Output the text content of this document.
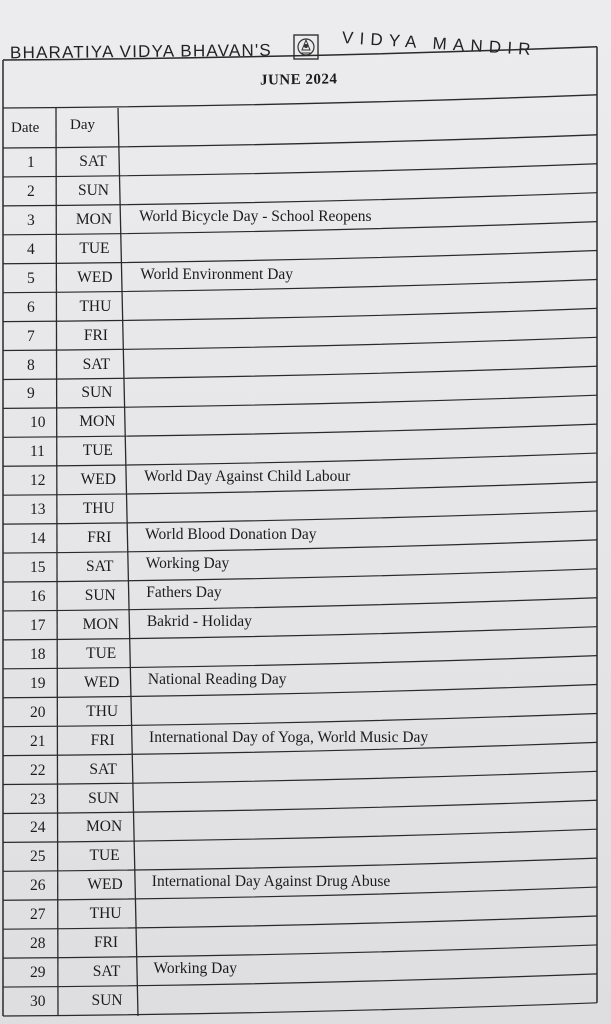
BHARATIYA VIDYA BHAVAN'S	VIDYA MANDIR
JUNE 2024
Date Day
1	SAT
2	SUN
3	MON	World Bicycle Day - School Reopens
4	TUE
5	WED	World Environment Day
6	THU
7	FRI
8	SAT
9	SUN
10	MON
11	TUE
12	WED	World Day Against Child Labour
13	THU
14	FRI	World Blood Donation Day
15	SAT	Working Day
16	SUN	Fathers Day
17	MON	Bakrid - Holiday
18	TUE
19	WED	National Reading Day
20	THU
21	FRI	International Day of Yoga, World Music Day
22	SAT
23	SUN
24	MON
25	TUE
26	WED	International Day Against Drug Abuse
27	THU
28	FRI
29	SAT	Working Day
30	SUN
